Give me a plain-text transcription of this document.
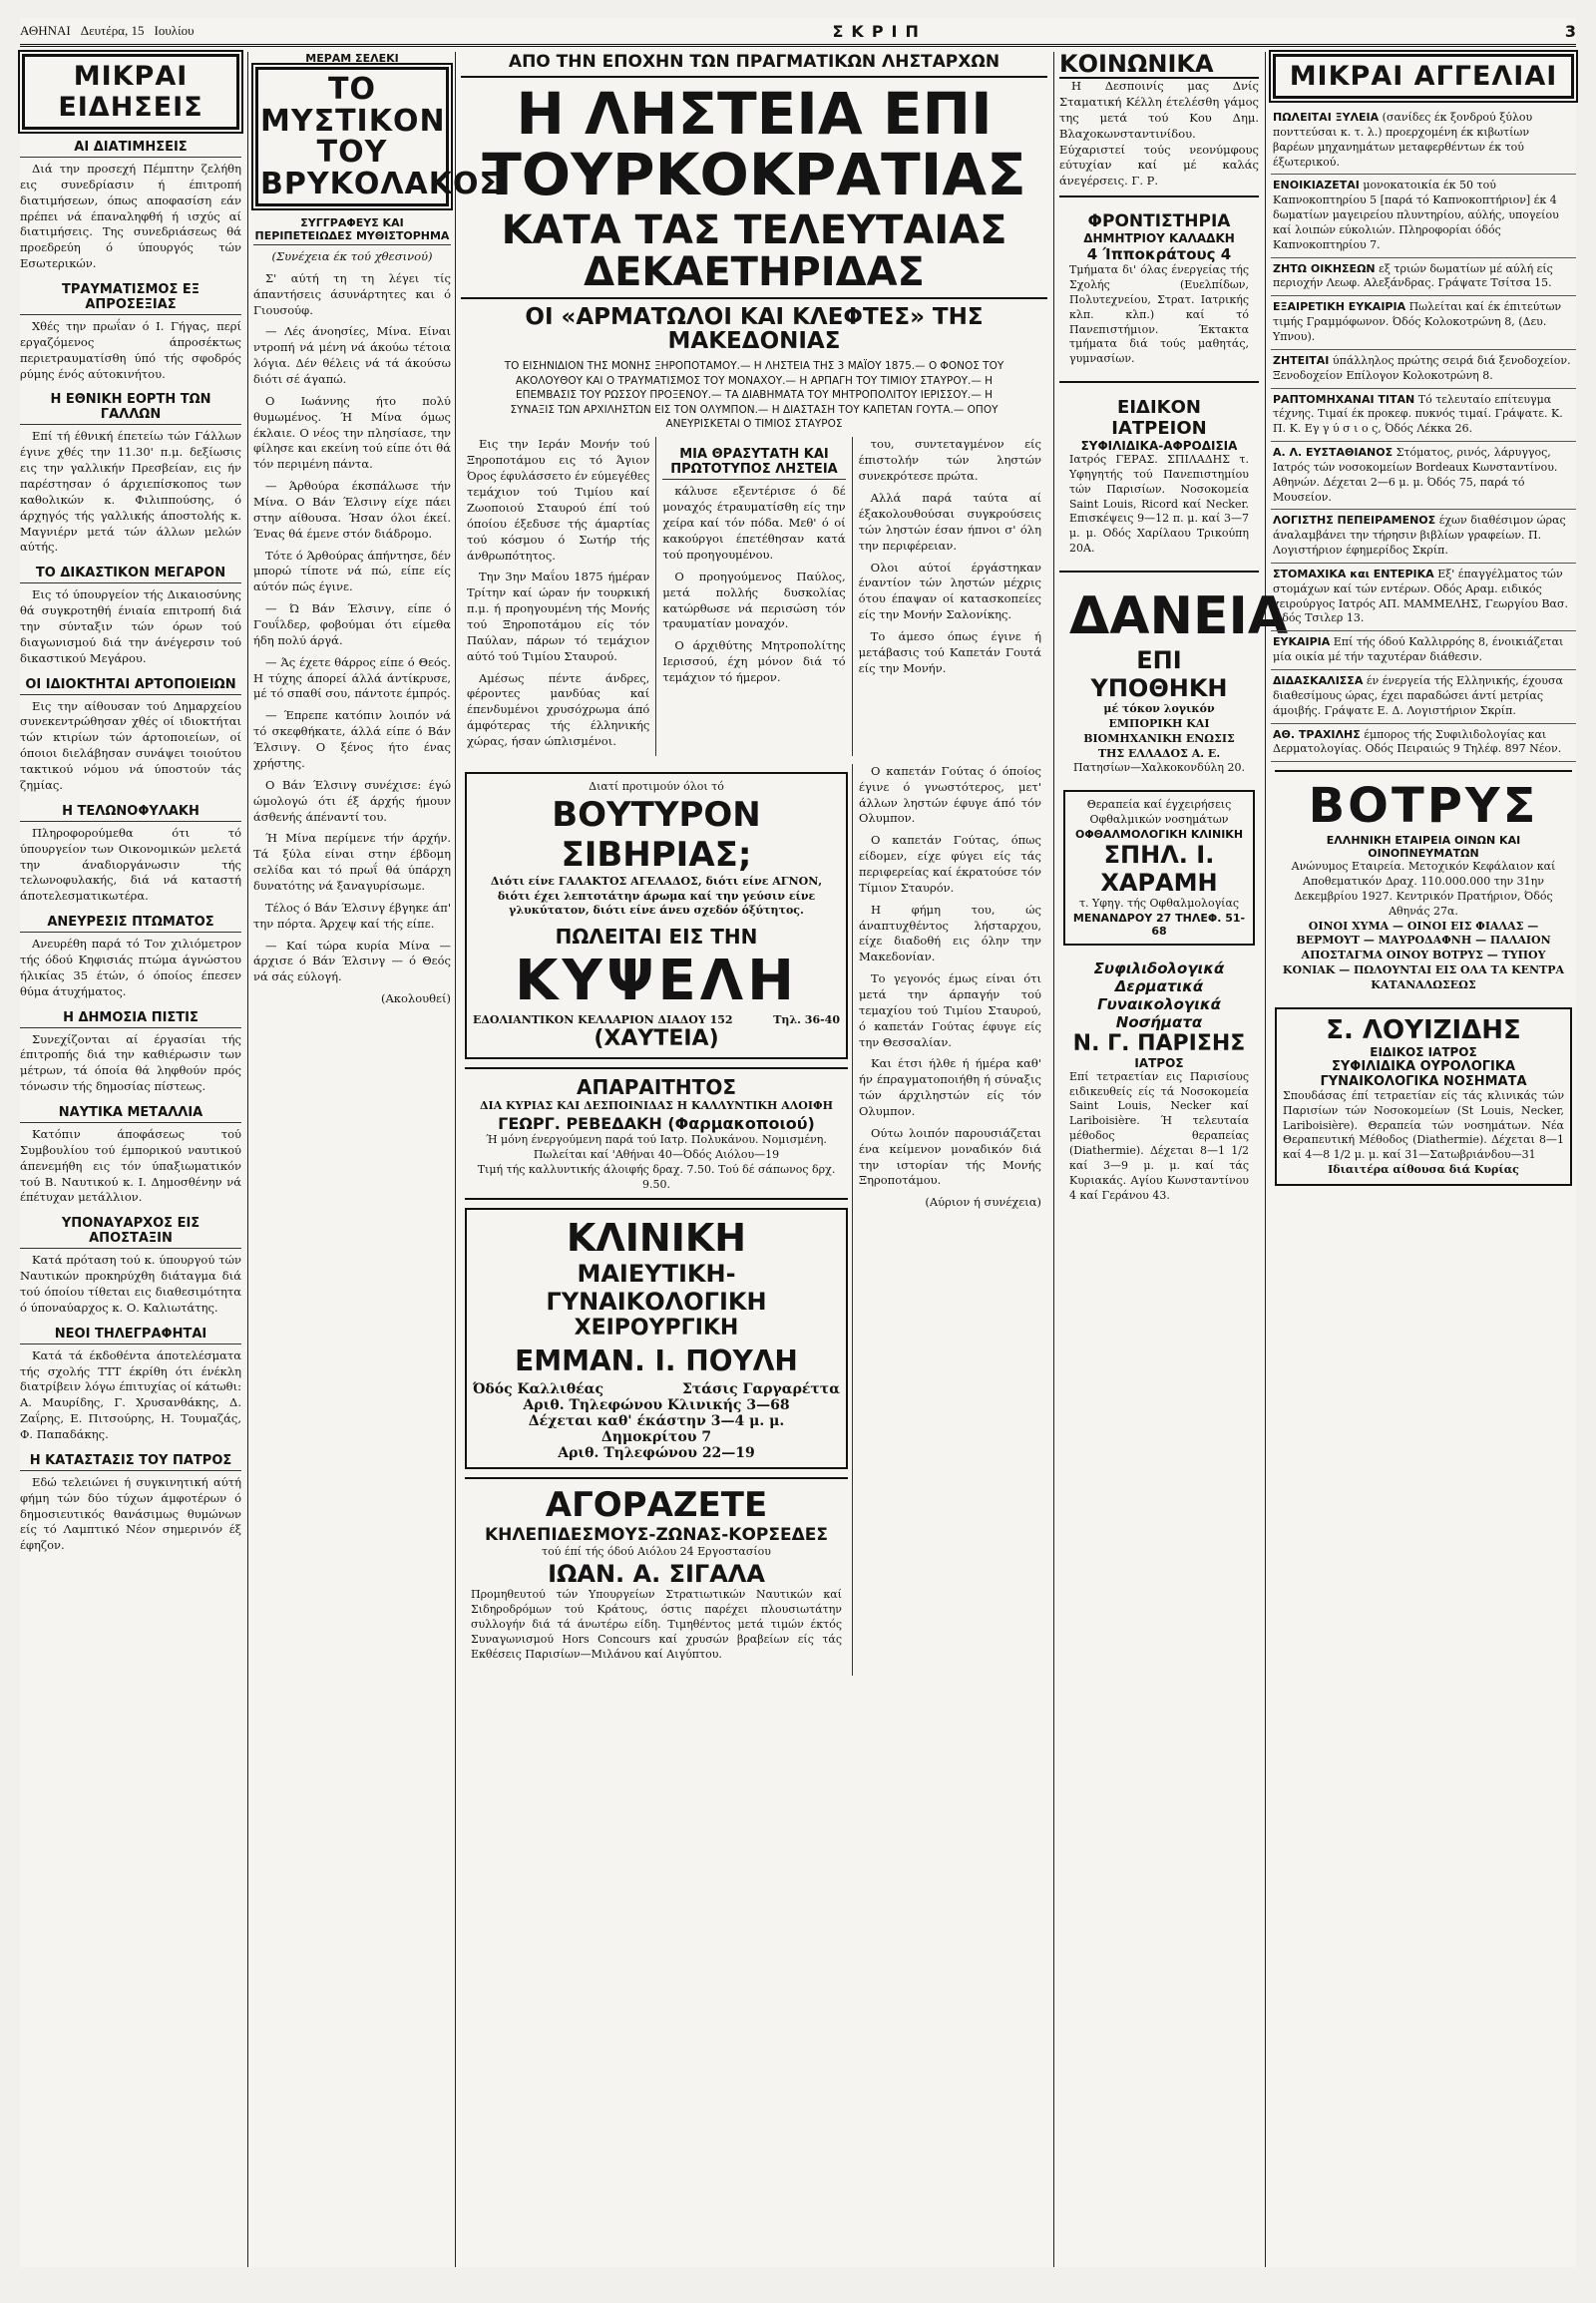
ΑΘΗΝΑΙ Δευτέρα, 15 Ιουλίου	ΣΚΡΙΠ	3
ΜΙΚΡΑΙ ΕΙΔΗΣΕΙΣ
ΑΙ ΔΙΑΤΙΜΗΣΕΙΣ

Διά την προσεχή Πέμπτην ζελήθη εις συνεδρίασιν ή έπιτροπή διατιμήσεων, όπως αποφασίση εάν πρέπει νά έπαναληφθή ή ισχύς αί διατιμήσεις. Της συνεδριάσεως θά προεδρεύη ό ύπουργός τών Εσωτερικών.

ΤΡΑΥΜΑΤΙΣΜΟΣ ΕΞ ΑΠΡΟΣΕΞΙΑΣ

Χθές την πρωΐαν ό Ι. Γήγας, περί εργαζόμενος άπροσέκτως περιετραυματίσθη ύπό τής σφοδρός ρύμης ένός αύτοκινήτου.

Η ΕΘΝΙΚΗ ΕΟΡΤΗ ΤΩΝ ΓΑΛΛΩΝ

Επί τή έθνική έπετείω τών Γάλλων έγινε χθές την 11.30' π.μ. δεξίωσις εις την γαλλικήν Πρεσβείαν, εις ήν παρέστησαν ό άρχιεπίσκοπος των καθολικών κ. Φιλιππούσης, ό άρχηγός τής γαλλικής άποστολής κ. Μαγνιέρν μετά τών άλλων μελών αύτής.

ΤΟ ΔΙΚΑΣΤΙΚΟΝ ΜΕΓΑΡΟΝ

Εις τό ύπουργείον τής Δικαιοσύνης θά συγκροτηθή ένιαία επιτροπή διά την σύνταξιν τών όρων τού διαγωνισμού διά την άνέγερσιν τού δικαστικού Μεγάρου.

ΟΙ ΙΔΙΟΚΤΗΤΑΙ ΑΡΤΟΠΟΙΕΙΩΝ

Εις την αίθουσαν τού Δημαρχείου συνεκεντρώθησαν χθές οί ιδιοκτήται τών κτιρίων τών άρτοποιείων, οί όποιοι διελάβησαν συνάψει τοιούτου τακτικού νόμου νά ύποστούν τάς ζημίας.

Η ΤΕΛΩΝΟΦΥΛΑΚΗ

Πληροφορούμεθα ότι τό ύπουργείον των Οικονομικών μελετά την άναδιοργάνωσιν τής τελωνοφυλακής, διά νά καταστή άποτελεσματικωτέρα.

ΑΝΕΥΡΕΣΙΣ ΠΤΩΜΑΤΟΣ

Ανευρέθη παρά τό Τον χιλιόμετρον τής όδού Κηφισιάς πτώμα άγνώστου ήλικίας 35 έτών, ό όποίος έπεσεν θύμα άτυχήματος.

Η ΔΗΜΟΣΙΑ ΠΙΣΤΙΣ

Συνεχίζονται αί έργασίαι τής έπιτροπής διά την καθιέρωσιν των μέτρων, τά όποία θά ληφθούν πρός τόνωσιν τής δημοσίας πίστεως.

ΝΑΥΤΙΚΑ ΜΕΤΑΛΛΙΑ

Κατόπιν άποφάσεως τού Συμβουλίου τού έμπορικού ναυτικού άπενεμήθη εις τόν ύπαξιωματικόν τού Β. Ναυτικού κ. Ι. Δημοσθένην νά έπέτυχαν μετάλλιον.

ΥΠΟΝΑΥΑΡΧΟΣ ΕΙΣ ΑΠΟΣΤΑΞΙΝ

Κατά πρόταση τού κ. ύπουργού τών Ναυτικών προκηρύχθη διάταγμα διά τού όποίου τίθεται εις διαθεσιμότητα ό ύποναύαρχος κ. Ο. Καλιωτάτης.

ΝΕΟΙ ΤΗΛΕΓΡΑΦΗΤΑΙ

Κατά τά έκδοθέντα άποτελέσματα τής σχολής ΤΤΤ έκρίθη ότι ένέκλη διατρίβειν λόγω έπιτυχίας οί κάτωθι: Α. Μαυρίδης, Γ. Χρυσανθάκης, Δ. Ζαΐρης, Ε. Πιτσούρης, Η. Τουμαζάς, Φ. Παπαδάκης.

Η ΚΑΤΑΣΤΑΣΙΣ ΤΟΥ ΠΑΤΡΟΣ

Εδώ τελειώνει ή συγκινητική αύτή φήμη τών δύο τύχων άμφοτέρων ό δημοσιευτικός θανάσιμως θυμώνων είς τό Λαμπτικό Νέον σημερινόν έξ έφηζον.

ΜΕΡΑΜ ΣΕΛΕΚΙ
ΤΟ ΜΥΣΤΙΚΟΝ ΤΟΥ ΒΡΥΚΟΛΑΚΟΣ
ΣΥΓΓΡΑΦΕΥΣ ΚΑΙ ΠΕΡΙΠΕΤΕΙΩΔΕΣ ΜΥΘΙΣΤΟΡΗΜΑ

(Συνέχεια έκ τού χθεσινού)

Σ' αύτή τη τη λέγει τίς άπαντήσεις άσυνάρτητες και ό Γιουσούφ.

— Λές άνοησίες, Μίνα. Είναι ντροπή νά μένη νά άκούω τέτοια λόγια. Δέν θέλεις νά τά άκούσω διότι σέ άγαπώ.

Ο Ιωάννης ήτο πολύ θυμωμένος. Ή Μίνα όμως έκλαιε. Ο νέος την πλησίασε, την φίλησε και εκείνη τού είπε ότι θά τόν περιμένη πάντα.

— Άρθούρα έκσπάλωσε τήν Μίνα. Ο Βάν Έλσινγ είχε πάει στην αίθουσα. Ήσαν όλοι έκεί. Ένας θά έμενε στόν διάδρομο.

Τότε ό Άρθούρας άπήντησε, δέν μπορώ τίποτε νά πώ, είπε είς αύτόν πώς έγινε.

— Ώ Βάν Έλσινγ, είπε ό Γουΐλδερ, φοβούμαι ότι είμεθα ήδη πολύ άργά.

— Άς έχετε θάρρος είπε ό Θεός. Η τύχης άπορεί άλλά άντίκρυσε, μέ τό σπαθί σου, πάντοτε έμπρός.

— Έπρεπε κατόπιν λοιπόν νά τό σκεφθήκατε, άλλά είπε ό Βάν Έλσινγ. Ο ξένος ήτο ένας χρήστης.

Ο Βάν Έλσινγ συνέχισε: έγώ ώμολογώ ότι έξ άρχής ήμουν άσθενής άπέναντί του.

Ή Μίνα περίμενε τήν άρχήν. Τά ξύλα είναι στην έβδομη σελίδα και τό πρωΐ θά ύπάρχη δυνατότης νά ξαναγυρίσωμε.

Τέλος ό Βάν Έλσινγ έβγηκε άπ' την πόρτα. Άρχεψ καί τής είπε.

— Καί τώρα κυρία Μίνα — άρχισε ό Βάν Έλσινγ — ό Θεός νά σάς εύλογή.

(Ακολουθεί)

ΑΠΟ ΤΗΝ ΕΠΟΧΗΝ ΤΩΝ ΠΡΑΓΜΑΤΙΚΩΝ ΛΗΣΤΑΡΧΩΝ
Η ΛΗΣΤΕΙΑ ΕΠΙ ΤΟΥΡΚΟΚΡΑΤΙΑΣ
ΚΑΤΑ ΤΑΣ ΤΕΛΕΥΤΑΙΑΣ ΔΕΚΑΕΤΗΡΙΔΑΣ
ΟΙ «ΑΡΜΑΤΩΛΟΙ ΚΑΙ ΚΛΕΦΤΕΣ» ΤΗΣ ΜΑΚΕΔΟΝΙΑΣ

ΤΟ ΕΙΣΗΝΙΔΙΟΝ ΤΗΣ ΜΟΝΗΣ ΞΗΡΟΠΟΤΑΜΟΥ.— Η ΛΗΣΤΕΙΑ ΤΗΣ 3 ΜΑΪΟΥ 1875.— Ο ΦΟΝΟΣ ΤΟΥ ΑΚΟΛΟΥΘΟΥ ΚΑΙ Ο ΤΡΑΥΜΑΤΙΣΜΟΣ ΤΟΥ ΜΟΝΑΧΟΥ.— Η ΑΡΠΑΓΗ ΤΟΥ ΤΙΜΙΟΥ ΣΤΑΥΡΟΥ.— Η ΕΠΕΜΒΑΣΙΣ ΤΟΥ ΡΩΣΣΟΥ ΠΡΟΞΕΝΟΥ.— ΤΑ ΔΙΑΒΗΜΑΤΑ ΤΟΥ ΜΗΤΡΟΠΟΛΙΤΟΥ ΙΕΡΙΣΣΟΥ.— Η ΣΥΝΑΞΙΣ ΤΩΝ ΑΡΧΙΛΗΣΤΩΝ ΕΙΣ ΤΟΝ ΟΛΥΜΠΟΝ.— Η ΔΙΑΣΤΑΣΗ ΤΟΥ ΚΑΠΕΤΑΝ ΓΟΥΤΑ.— ΟΠΟΥ ΑΝΕΥΡΙΣΚΕΤΑΙ Ο ΤΙΜΙΟΣ ΣΤΑΥΡΟΣ

Εις την Ιεράν Μονήν τού Ξηροποτάμου εις τό Άγιον Όρος έφυλάσσετο έν εύμεγέθες τεμάχιον τού Τιμίου καί Ζωοποιού Σταυρού έπί τού όποίου έξεδυσε τής άμαρτίας τού κόσμου ό Σωτήρ τής άνθρωπότητος.

Την 3ην Μαΐου 1875 ήμέραν Τρίτην καί ώραν ήν τουρκική π.μ. ή προηγουμένη τής Μονής τού Ξηροποτάμου είς τόν Παύλαν, πάρων τό τεμάχιον αύτό τού Τιμίου Σταυρού.

Αμέσως πέντε άνδρες, φέροντες μανδύας καί έπενδυμένοι χρυσόχρωμα άπό άμφότερας τής έλληνικής χώρας, ήσαν ώπλισμένοι.

ΜΙΑ ΘΡΑΣΥΤΑΤΗ ΚΑΙ ΠΡΩΤΟΤΥΠΟΣ ΛΗΣΤΕΙΑ

κάλυσε εξεντέρισε ό δέ μοναχός έτραυματίσθη είς την χείρα καί τόν πόδα. Μεθ' ό οί κακούργοι έπετέθησαν κατά τού προηγουμένου.

Ο προηγούμενος Παύλος, μετά πολλής δυσκολίας κατώρθωσε νά περισώση τόν τραυματίαν μοναχόν.

Ο άρχιθύτης Μητροπολίτης Ιερισσού, έχη μόνον διά τό τεμάχιον τό ήμερον.

του, συντεταγμένον είς έπιστολήν τών ληστών συνεκρότεσε πρώτα.

Αλλά παρά ταύτα αί έξακολουθούσαι συγκρούσεις τών ληστών έσαν ήπνοι σ' όλη την περιφέρειαν.

Ολοι αύτοί έργάστηκαν έναντίον τών ληστών μέχρις ότου έπαψαν οί κατασκοπείες είς την Μονήν Σαλονίκης.

Το άμεσο όπως έγινε ή μετάβασις τού Καπετάν Γουτά είς την Μονήν.

Διατί προτιμούν όλοι τό
ΒΟΥΤΥΡΟΝ ΣΙΒΗΡΙΑΣ;
Διότι είνε ΓΑΛΑΚΤΟΣ ΑΓΕΛΑΔΟΣ, διότι είνε ΑΓΝΟΝ, διότι έχει λεπτοτάτην άρωμα καί την γεύσιν είνε γλυκύτατον, διότι είνε άνευ σχεδόν όξύτητος.
ΠΩΛΕΙΤΑΙ ΕΙΣ ΤΗΝ
ΚΥΨΕΛΗ
ΕΔΟΛΙΑΝΤΙΚΟΝ ΚΕΛΛΑΡΙΟΝ ΔΙΑΔΟΥ 152	Τηλ. 36-40
(ΧΑΥΤΕΙΑ)
ΑΠΑΡΑΙΤΗΤΟΣ
ΔΙΑ ΚΥΡΙΑΣ ΚΑΙ ΔΕΣΠΟΙΝΙΔΑΣ Η ΚΑΛΛΥΝΤΙΚΗ ΑΛΟΙΦΗ
ΓΕΩΡΓ. ΡΕΒΕΔΑΚΗ (Φαρμακοποιού)
Ή μόνη ένεργούμενη παρά τού Ιατρ. Πολυκάνου. Νομισμένη. Πωλείται καί 'Αθήναι 40—Όδός Αιόλου—19
Τιμή τής καλλυντικής άλοιφής δραχ. 7.50. Τού δέ σάπωνος δρχ. 9.50.
ΚΛΙΝΙΚΗ
ΜΑΙΕΥΤΙΚΗ-ΓΥΝΑΙΚΟΛΟΓΙΚΗ
ΧΕΙΡΟΥΡΓΙΚΗ
ΕΜΜΑΝ. Ι. ΠΟΥΛΗ
Όδός Καλλιθέας	Στάσις Γαργαρέττα
Αριθ. Τηλεφώνου Κλινικής 3—68
Δέχεται καθ' έκάστην 3—4 μ. μ.
Δημοκρίτου 7
Αριθ. Τηλεφώνου 22—19
ΑΓΟΡΑΖΕΤΕ
ΚΗΛΕΠΙΔΕΣΜΟΥΣ-ΖΩΝΑΣ-ΚΟΡΣΕΔΕΣ
τού έπί τής όδού Αιόλου 24 Εργοστασίου
ΙΩΑΝ. Α. ΣΙΓΑΛΑ
Προμηθευτού τών Υπουργείων Στρατιωτικών Ναυτικών καί Σιδηροδρόμων τού Κράτους, όστις παρέχει πλουσιωτάτην συλλογήν διά τά άνωτέρω είδη. Τιμηθέντος μετά τιμών έκτός Συναγωνισμού Hors Concours καί χρυσών βραβείων είς τάς Εκθέσεις Παρισίων—Μιλάνου καί Αιγύπτου.

Ο καπετάν Γούτας ό όποίος έγινε ό γνωστότερος, μετ' άλλων ληστών έφυγε άπό τόν Ολυμπον.

Ο καπετάν Γούτας, όπως είδομεν, είχε φύγει είς τάς περιφερείας καί έκρατούσε τόν Τίμιον Σταυρόν.

Η φήμη του, ώς άναπτυχθέντος λήσταρχου, είχε διαδοθή εις όλην την Μακεδονίαν.

Το γεγονός έμως είναι ότι μετά την άρπαγήν τού τεμαχίου τού Τιμίου Σταυρού, ό καπετάν Γούτας έφυγε είς την Θεσσαλίαν.

Και έτσι ήλθε ή ήμέρα καθ' ήν έπραγματοποιήθη ή σύναξις τών άρχιληστών είς τόν Ολυμπον.

Ούτω λοιπόν παρουσιάζεται ένα κείμενον μοναδικόν διά την ιστορίαν τής Μονής Ξηροποτάμου.

(Αύριον ή συνέχεια)

ΚΟΙΝΩΝΙΚΑ

Η Δεσποινίς μας Δνίς Σταματική Κέλλη έτελέσθη γάμος της μετά τού Κου Δημ. Βλαχοκωνσταντινίδου. Εύχαριστεί τούς νεονύμφους εύτυχίαν καί μέ καλάς άνεγέρσεις. Γ. Ρ.

ΦΡΟΝΤΙΣΤΗΡΙΑ
ΔΗΜΗΤΡΙΟΥ ΚΑΛΑΔΚΗ
4 Ίπποκράτους 4
Τμήματα δι' όλας ένεργείας τής Σχολής (Ευελπίδων, Πολυτεχνείου, Στρατ. Ιατρικής κλπ. κλπ.) καί τό Πανεπιστήμιον. Έκτακτα τμήματα διά τούς μαθητάς, γυμνασίων.
ΕΙΔΙΚΟΝ ΙΑΤΡΕΙΟΝ
ΣΥΦΙΛΙΔΙΚΑ-ΑΦΡΟΔΙΣΙΑ
Ιατρός ΓΕΡΑΣ. ΣΠΙΛΑΔΗΣ τ. Υφηγητής τού Πανεπιστημίου τών Παρισίων. Νοσοκομεία Saint Louis, Ricord καί Necker. Επισκέψεις 9—12 π. μ. καί 3—7 μ. μ. Οδός Χαρίλαου Τρικούπη 20Α.
ΔΑΝΕΙΑ
ΕΠΙ ΥΠΟΘΗΚΗ
μέ τόκον λογικόν ΕΜΠΟΡΙΚΗ ΚΑΙ ΒΙΟΜΗΧΑΝΙΚΗ ΕΝΩΣΙΣ ΤΗΣ ΕΛΛΑΔΟΣ Α. Ε.
Πατησίων—Χαλκοκονδύλη 20.
Θεραπεία καί έγχειρήσεις Οφθαλμικών νοσημάτων
ΟΦΘΑΛΜΟΛΟΓΙΚΗ ΚΛΙΝΙΚΗ
ΣΠΗΛ. Ι. ΧΑΡΑΜΗ
τ. Υφηγ. τής Οφθαλμολογίας
ΜΕΝΑΝΔΡΟΥ 27 ΤΗΛΕΦ. 51-68
Συφιλιδολογικά Δερματικά Γυναικολογικά Νοσήματα
Ν. Γ. ΠΑΡΙΣΗΣ
ΙΑΤΡΟΣ
Επί τετραετίαν εις Παρισίους ειδικευθείς είς τά Νοσοκομεία Saint Louis, Necker καί Lariboisière. Ή τελευταία μέθοδος θεραπείας (Diathermie). Δέχεται 8—1 1/2 καί 3—9 μ. μ. καί τάς Κυριακάς. Αγίου Κωνσταντίνου 4 καί Γεράνου 43.
ΜΙΚΡΑΙ ΑΓΓΕΛΙΑΙ
ΠΩΛΕΙΤΑΙ ΞΥΛΕΙΑ (σανίδες έκ ξονδρού ξύλου πονττεύσαι κ. τ. λ.) προερχομένη έκ κιβωτίων βαρέων μηχανημάτων μεταφερθέντων έκ τού έξωτερικού.
ΕΝΟΙΚΙΑΖΕΤΑΙ μονοκατοικία έκ 50 τού Καπνοκοπτηρίου 5 [παρά τό Καπνοκοπτήριον] έκ 4 δωματίων μαγειρείου πλυντηρίου, αύλής, υπογείου καί λοιπών εύκολιών. Πληροφορίαι όδός Καπνοκοπτηρίου 7.
ΖΗΤΩ ΟΙΚΗΣΕΩΝ εξ τριών δωματίων μέ αύλή είς περιοχήν Λεωφ. Αλεξάνδρας. Γράψατε Τσίτσα 15.
ΕΞΑΙΡΕΤΙΚΗ ΕΥΚΑΙΡΙΑ Πωλείται καί έκ έπιτεύτων τιμής Γραμμόφωνον. Όδός Κολοκοτρώνη 8, (Δευ. Υπνου).
ΖΗΤΕΙΤΑΙ ύπάλληλος πρώτης σειρά διά ξενοδοχείον. Ξενοδοχείον Επίλογον Κολοκοτρώνη 8.
ΡΑΠΤΟΜΗΧΑΝΑΙ ΤΙΤΑΝ Τό τελευταίο επίτευγμα τέχνης. Τιμαί έκ προκεφ. πυκνός τιμαί. Γράψατε. Κ. Π. Κ. Εγ γ ύ σ ι ο ς, Όδός Λέκκα 26.
Α. Λ. ΕΥΣΤΑΘΙΑΝΟΣ Στόματος, ρινός, λάρυγγος, Ιατρός τών νοσοκομείων Bordeaux Κωνσταντίνου. Αθηνών. Δέχεται 2—6 μ. μ. Όδός 75, παρά τό Μουσείον.
ΛΟΓΙΣΤΗΣ ΠΕΠΕΙΡΑΜΕΝΟΣ έχων διαθέσιμον ώρας άναλαμβάνει την τήρησιν βιβλίων γραφείων. Π. Λογιστήριον έφημερίδος Σκρίπ.
ΣΤΟΜΑΧΙΚΑ και ΕΝΤΕΡΙΚΑ Εξ' έπαγγέλματος τών στομάχων καί τών εντέρων. Οδός Αραμ. ειδικός χειρούργος Ιατρός ΑΠ. ΜΑΜΜΕΛΗΣ, Γεωργίου Βασ. Όδός Τσιλερ 13.
ΕΥΚΑΙΡΙΑ Επί τής όδού Καλλιρρόης 8, ένοικιάζεται μία οικία μέ τήν ταχυτέραν διάθεσιν.
ΔΙΔΑΣΚΑΛΙΣΣΑ έν ένεργεία τής Ελληνικής, έχουσα διαθεσίμους ώρας, έχει παραδώσει άντί μετρίας άμοιβής. Γράψατε Ε. Δ. Λογιστήριον Σκρίπ.
ΑΘ. ΤΡΑΧΙΛΗΣ έμπορος τής Συφιλιδολογίας και Δερματολογίας. Οδός Πειραιώς 9 Τηλέφ. 897 Νέον.
ΒΟΤΡΥΣ
ΕΛΛΗΝΙΚΗ ΕΤΑΙΡΕΙΑ ΟΙΝΩΝ ΚΑΙ ΟΙΝΟΠΝΕΥΜΑΤΩΝ
Ανώνυμος Εταιρεία. Μετοχικόν Κεφάλαιον καί Αποθεματικόν Δραχ. 110.000.000 την 31ην Δεκεμβρίου 1927. Κεντρικόν Πρατήριον, Όδός Αθηνάς 27α.
ΟΙΝΟΙ ΧΥΜΑ — ΟΙΝΟΙ ΕΙΣ ΦΙΑΛΑΣ — ΒΕΡΜΟΥΤ — ΜΑΥΡΟΔΑΦΝΗ — ΠΑΛΑΙΟΝ ΑΠΟΣΤΑΓΜΑ ΟΙΝΟΥ ΒΟΤΡΥΣ — ΤΥΠΟΥ ΚΟΝΙΑΚ — ΠΩΛΟΥΝΤΑΙ ΕΙΣ ΟΛΑ ΤΑ ΚΕΝΤΡΑ ΚΑΤΑΝΑΛΩΣΕΩΣ
Σ. ΛΟΥΙΖΙΔΗΣ
ΕΙΔΙΚΟΣ ΙΑΤΡΟΣ
ΣΥΦΙΛΙΔΙΚΑ ΟΥΡΟΛΟΓΙΚΑ ΓΥΝΑΙΚΟΛΟΓΙΚΑ ΝΟΣΗΜΑΤΑ
Σπουδάσας έπί τετραετίαν είς τάς κλινικάς τών Παρισίων τών Νοσοκομείων (St Louis, Necker, Lariboisière). Θεραπεία τών νοσημάτων. Νέα Θεραπευτική Μέθοδος (Diathermie). Δέχεται 8—1 καί 4—8 1/2 μ. μ. καί 31—Σατωβριάνδου—31
Ιδιαιτέρα αίθουσα διά Κυρίας
